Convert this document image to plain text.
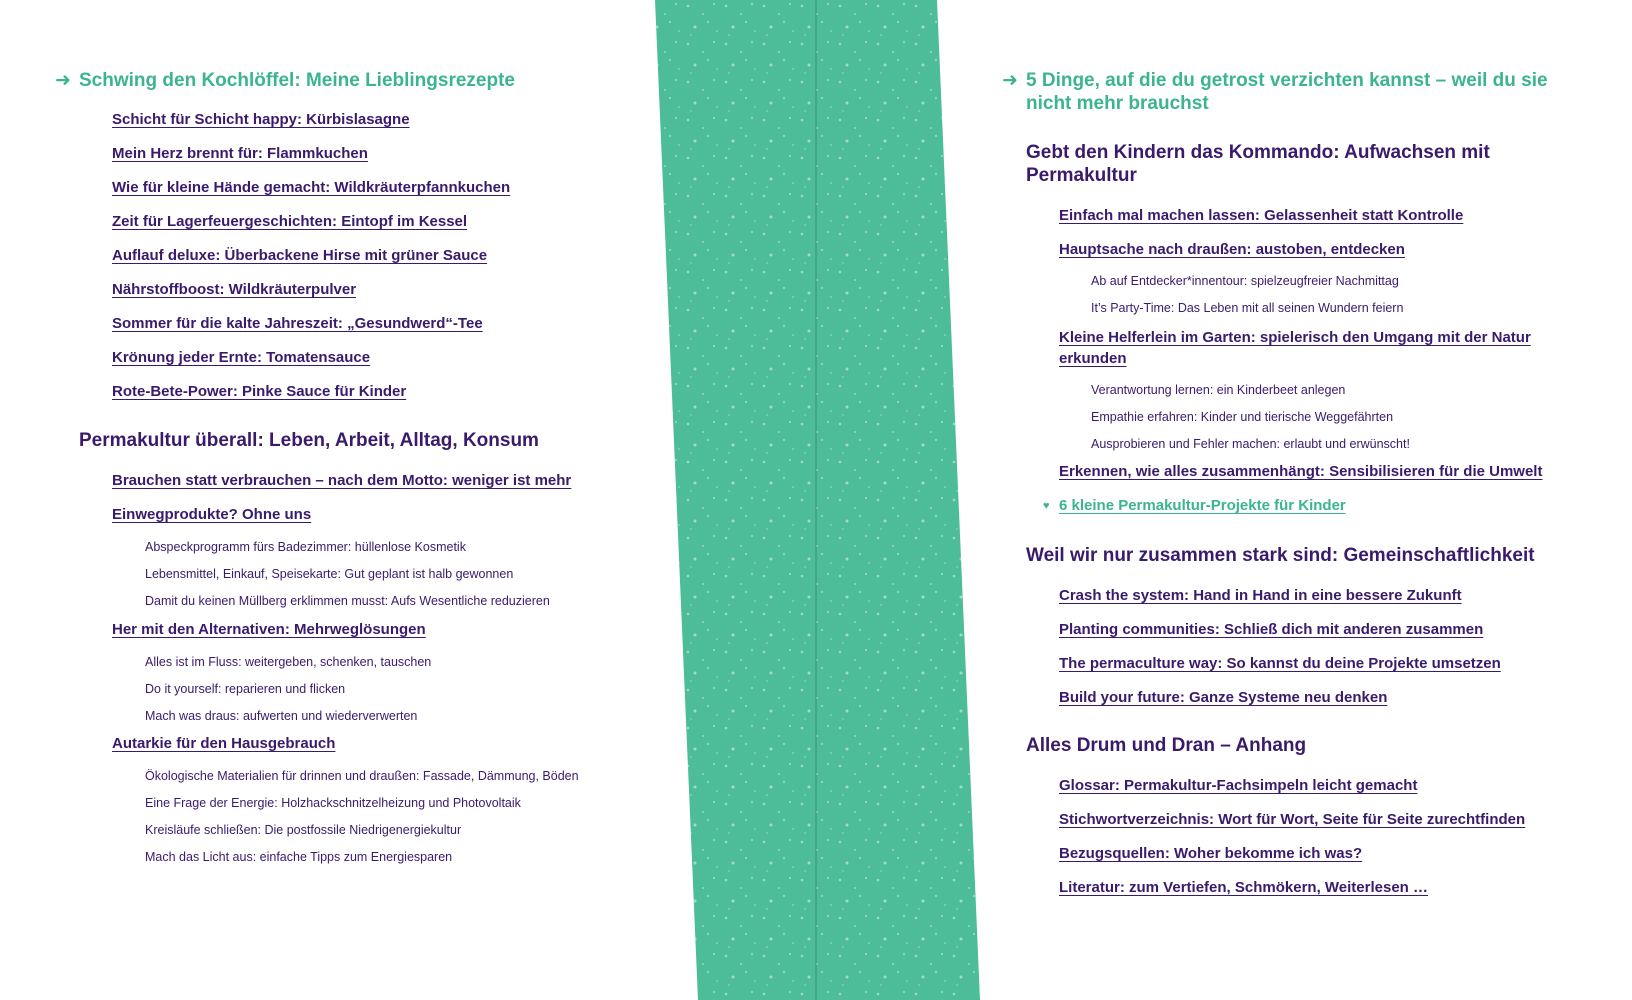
➜ Schwing den Kochlöffel: Meine Lieblingsrezepte
Schicht für Schicht happy: Kürbislasagne
Mein Herz brennt für: Flammkuchen
Wie für kleine Hände gemacht: Wildkräuterpfannkuchen
Zeit für Lagerfeuergeschichten: Eintopf im Kessel
Auflauf deluxe: Überbackene Hirse mit grüner Sauce
Nährstoffboost: Wildkräuterpulver
Sommer für die kalte Jahreszeit: „Gesundwerd“-Tee
Krönung jeder Ernte: Tomatensauce
Rote-Bete-Power: Pinke Sauce für Kinder
Permakultur überall: Leben, Arbeit, Alltag, Konsum
Brauchen statt verbrauchen – nach dem Motto: weniger ist mehr
Einwegprodukte? Ohne uns
Abspeckprogramm fürs Badezimmer: hüllenlose Kosmetik
Lebensmittel, Einkauf, Speisekarte: Gut geplant ist halb gewonnen
Damit du keinen Müllberg erklimmen musst: Aufs Wesentliche reduzieren
Her mit den Alternativen: Mehrweglösungen
Alles ist im Fluss: weitergeben, schenken, tauschen
Do it yourself: reparieren und flicken
Mach was draus: aufwerten und wiederverwerten
Autarkie für den Hausgebrauch
Ökologische Materialien für drinnen und draußen: Fassade, Dämmung, Böden
Eine Frage der Energie: Holzhackschnitzelheizung und Photovoltaik
Kreisläufe schließen: Die postfossile Niedrigenergiekultur
Mach das Licht aus: einfache Tipps zum Energiesparen
➜ 5 Dinge, auf die du getrost verzichten kannst – weil du sie nicht mehr brauchst
Gebt den Kindern das Kommando: Aufwachsen mit Permakultur
Einfach mal machen lassen: Gelassenheit statt Kontrolle
Hauptsache nach draußen: austoben, entdecken
Ab auf Entdecker*innentour: spielzeugfreier Nachmittag
It’s Party-Time: Das Leben mit all seinen Wundern feiern
Kleine Helferlein im Garten: spielerisch den Umgang mit der Natur erkunden
Verantwortung lernen: ein Kinderbeet anlegen
Empathie erfahren: Kinder und tierische Weggefährten
Ausprobieren und Fehler machen: erlaubt und erwünscht!
Erkennen, wie alles zusammenhängt: Sensibilisieren für die Umwelt
♥ 6 kleine Permakultur-Projekte für Kinder
Weil wir nur zusammen stark sind: Gemeinschaftlichkeit
Crash the system: Hand in Hand in eine bessere Zukunft
Planting communities: Schließ dich mit anderen zusammen
The permaculture way: So kannst du deine Projekte umsetzen
Build your future: Ganze Systeme neu denken
Alles Drum und Dran – Anhang
Glossar: Permakultur-Fachsimpeln leicht gemacht
Stichwortverzeichnis: Wort für Wort, Seite für Seite zurechtfinden
Bezugsquellen: Woher bekomme ich was?
Literatur: zum Vertiefen, Schmökern, Weiterlesen …
